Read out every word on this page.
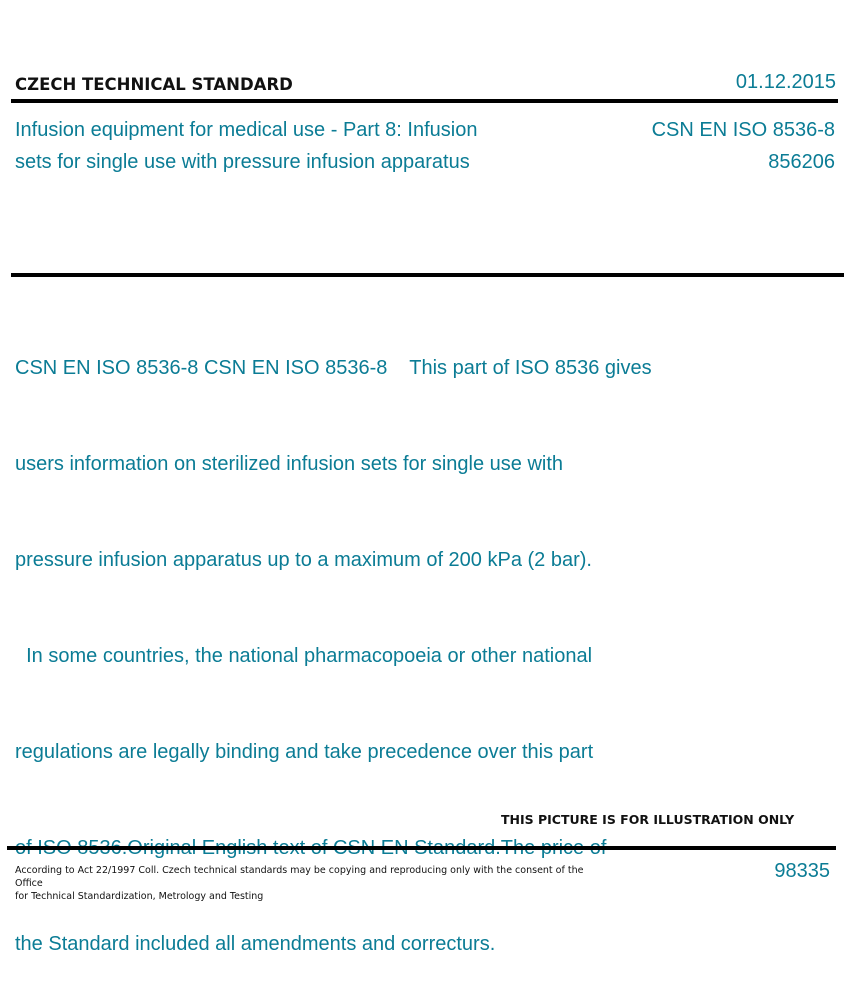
CZECH TECHNICAL STANDARD	01.12.2015
Infusion equipment for medical use - Part 8: Infusion
sets for single use with pressure infusion apparatus
CSN EN ISO 8536-8
856206

CSN EN ISO 8536-8 CSN EN ISO 8536-8    This part of ISO 8536 gives

users information on sterilized infusion sets for single use with

pressure infusion apparatus up to a maximum of 200 kPa (2 bar).

In some countries, the national pharmacopoeia or other national

regulations are legally binding and take precedence over this part

the Standard included all amendments and correcturs.

THIS PICTURE IS FOR ILLUSTRATION ONLY
According to Act 22/1997 Coll. Czech technical standards may be copying and reproducing only with the consent of the Office
for Technical Standardization, Metrology and Testing
98335
